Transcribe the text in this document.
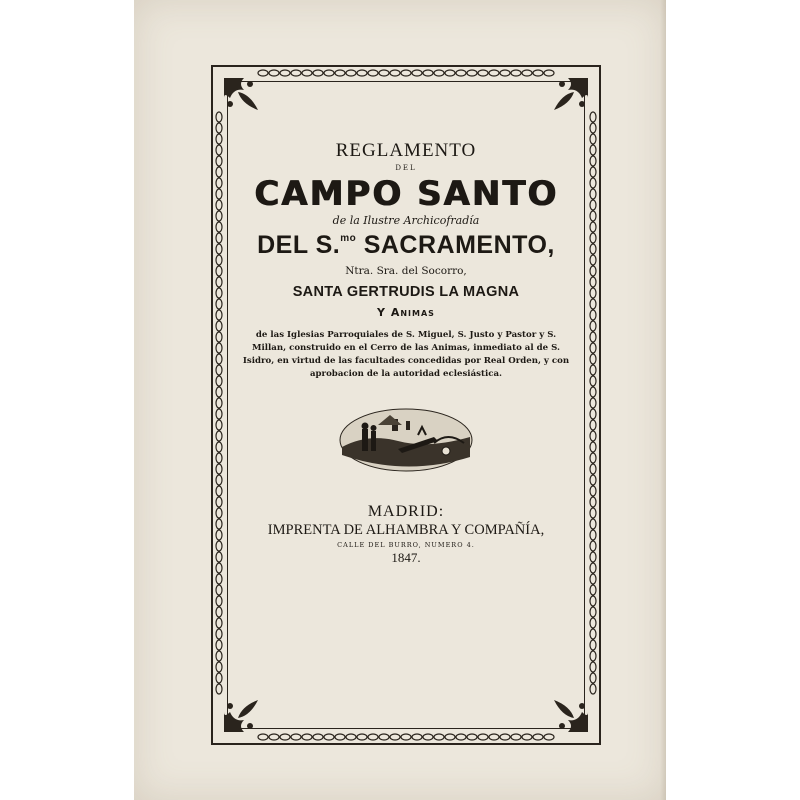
REGLAMENTO
DEL
CAMPO SANTO
de la Ilustre Archicofradía
DEL S.$^{mo}$ SACRAMENTO,
Ntra. Sra. del Socorro,
SANTA GERTRUDIS LA MAGNA
Y Animas
de las Iglesias Parroquiales de S. Miguel, S. Justo y Pastor y S. Millan, construido en el Cerro de las Animas, inmediato al de S. Isidro, en virtud de las facultades concedidas por Real Orden, y con aprobacion de la autoridad eclesiástica.
MADRID:
IMPRENTA DE ALHAMBRA Y COMPAÑÍA,
CALLE DEL BURRO, NUMERO 4.
1847.
